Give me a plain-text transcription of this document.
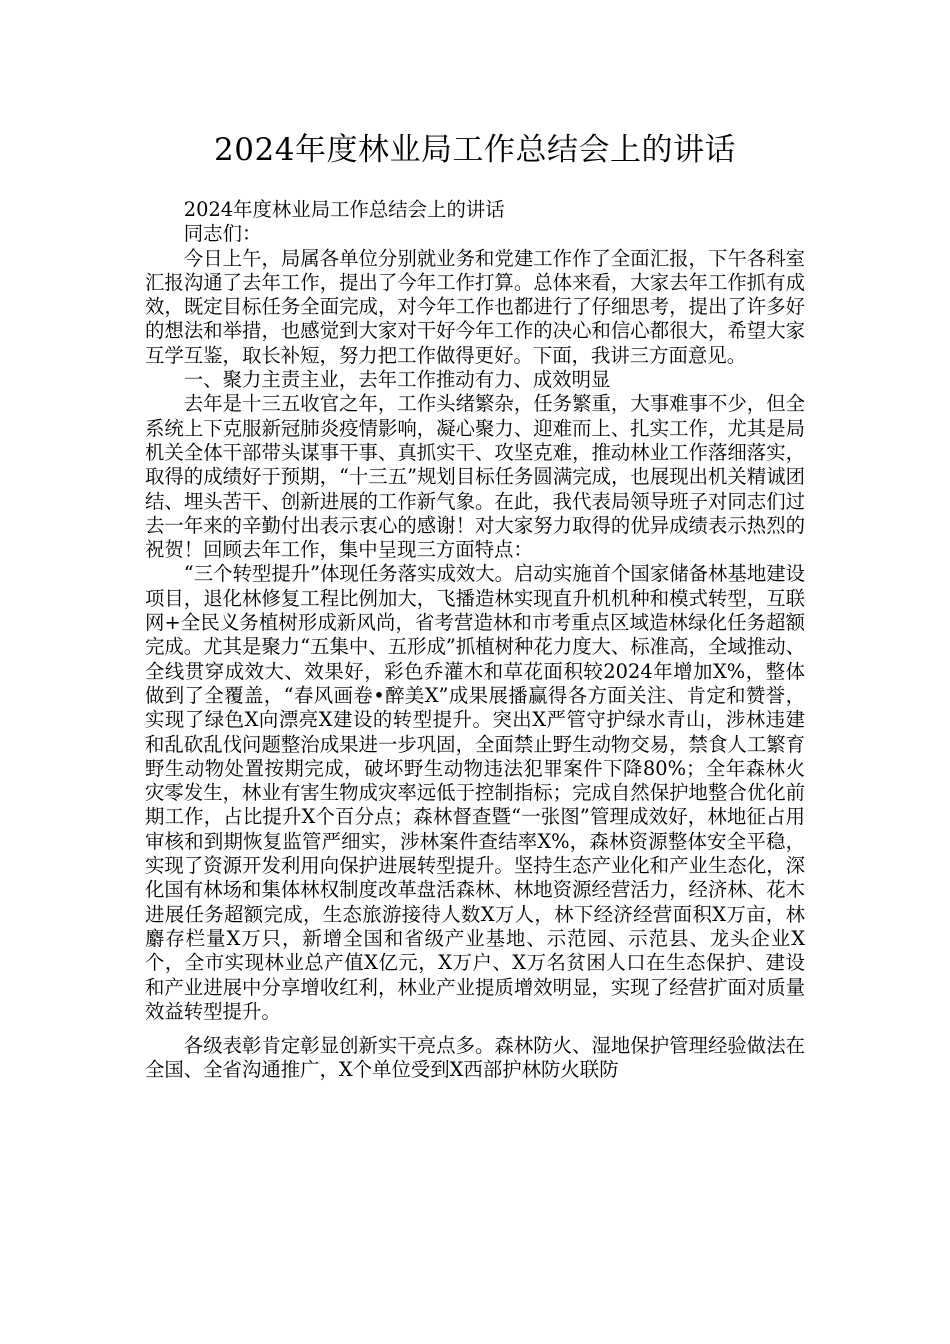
2024年度林业局工作总结会上的讲话

2024年度林业局工作总结会上的讲话

同志们：

今日上午，局属各单位分别就业务和党建工作作了全面汇报，下午各科室汇报沟通了去年工作，提出了今年工作打算。总体来看，大家去年工作抓有成效，既定目标任务全面完成，对今年工作也都进行了仔细思考，提出了许多好的想法和举措，也感觉到大家对干好今年工作的决心和信心都很大，希望大家互学互鉴，取长补短，努力把工作做得更好。下面，我讲三方面意见。

一、聚力主责主业，去年工作推动有力、成效明显

去年是十三五收官之年，工作头绪繁杂，任务繁重，大事难事不少，但全系统上下克服新冠肺炎疫情影响，凝心聚力、迎难而上、扎实工作，尤其是局机关全体干部带头谋事干事、真抓实干、攻坚克难，推动林业工作落细落实，取得的成绩好于预期，“十三五”规划目标任务圆满完成，也展现出机关精诚团结、埋头苦干、创新进展的工作新气象。在此，我代表局领导班子对同志们过去一年来的辛勤付出表示衷心的感谢！对大家努力取得的优异成绩表示热烈的祝贺！回顾去年工作，集中呈现三方面特点：

“三个转型提升”体现任务落实成效大。启动实施首个国家储备林基地建设项目，退化林修复工程比例加大，飞播造林实现直升机机种和模式转型，互联网+全民义务植树形成新风尚，省考营造林和市考重点区域造林绿化任务超额完成。尤其是聚力“五集中、五形成”抓植树种花力度大、标准高，全域推动、全线贯穿成效大、效果好，彩色乔灌木和草花面积较2024年增加X%，整体做到了全覆盖，“春风画卷•醉美X”成果展播赢得各方面关注、肯定和赞誉，实现了绿色X向漂亮X建设的转型提升。突出X严管守护绿水青山，涉林违建和乱砍乱伐问题整治成果进一步巩固，全面禁止野生动物交易，禁食人工繁育野生动物处置按期完成，破坏野生动物违法犯罪案件下降80%；全年森林火灾零发生，林业有害生物成灾率远低于控制指标；完成自然保护地整合优化前期工作，占比提升X个百分点；森林督查暨“一张图”管理成效好，林地征占用审核和到期恢复监管严细实，涉林案件查结率X%，森林资源整体安全平稳，实现了资源开发利用向保护进展转型提升。坚持生态产业化和产业生态化，深化国有林场和集体林权制度改革盘活森林、林地资源经营活力，经济林、花木进展任务超额完成，生态旅游接待人数X万人，林下经济经营面积X万亩，林麝存栏量X万只，新增全国和省级产业基地、示范园、示范县、龙头企业X个，全市实现林业总产值X亿元，X万户、X万名贫困人口在生态保护、建设和产业进展中分享增收红利，林业产业提质增效明显，实现了经营扩面对质量效益转型提升。

各级表彰肯定彰显创新实干亮点多。森林防火、湿地保护管理经验做法在全国、全省沟通推广，X个单位受到X西部护林防火联防
